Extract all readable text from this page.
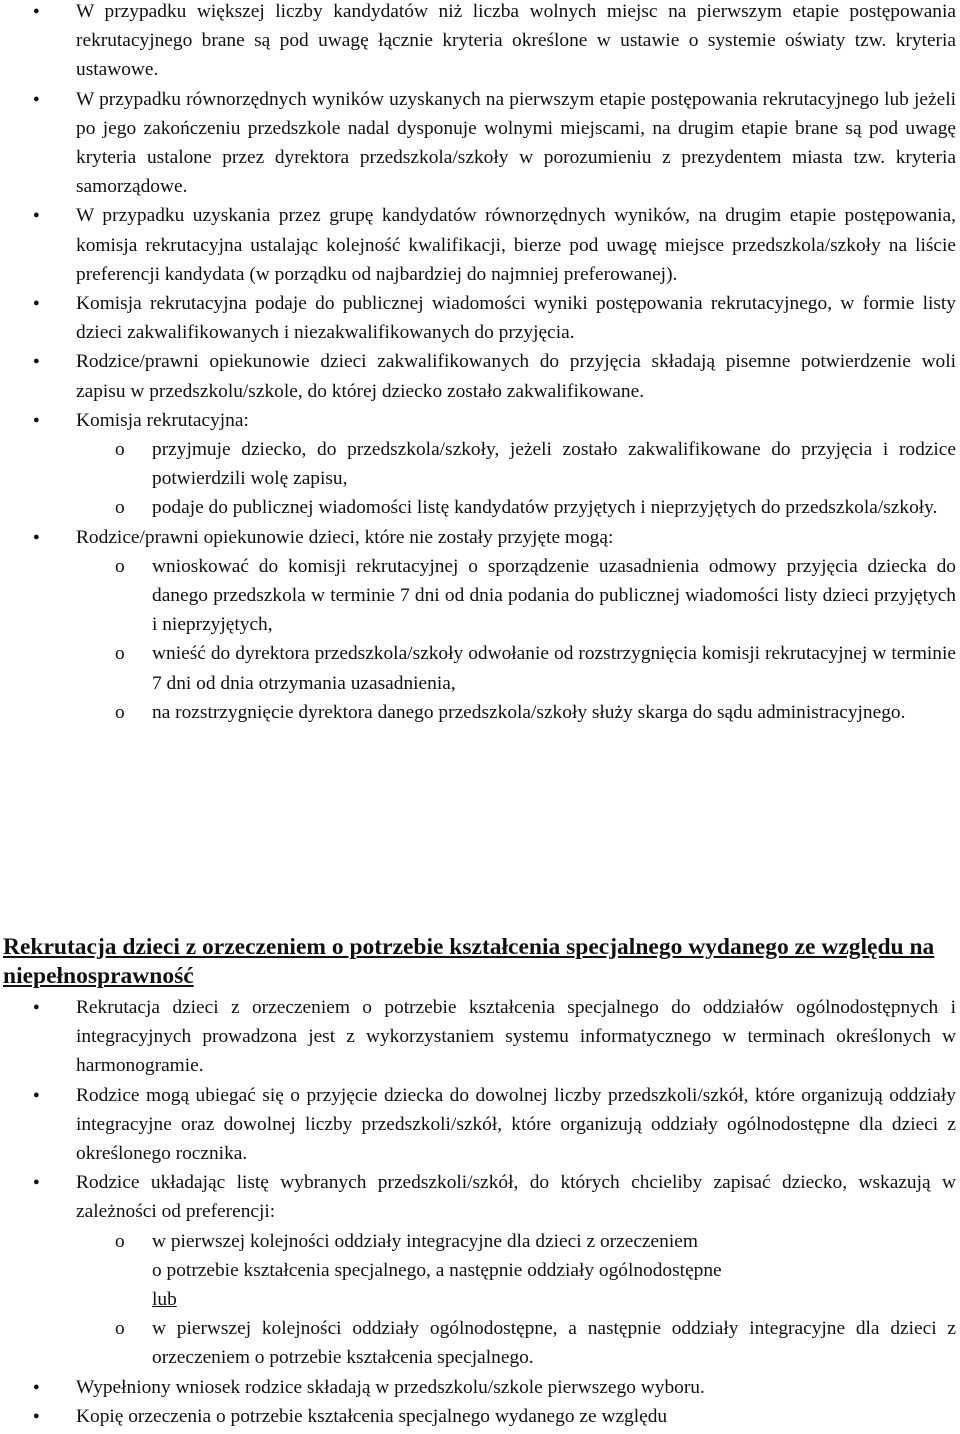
● W przypadku większej liczby kandydatów niż liczba wolnych miejsc na pierwszym etapie postępowania rekrutacyjnego brane są pod uwagę łącznie kryteria określone w ustawie o systemie oświaty tzw. kryteria ustawowe.
● W przypadku równorzędnych wyników uzyskanych na pierwszym etapie postępowania rekrutacyjnego lub jeżeli po jego zakończeniu przedszkole nadal dysponuje wolnymi miejscami, na drugim etapie brane są pod uwagę kryteria ustalone przez dyrektora przedszkola/szkoły w porozumieniu z prezydentem miasta tzw. kryteria samorządowe.
● W przypadku uzyskania przez grupę kandydatów równorzędnych wyników, na drugim etapie postępowania, komisja rekrutacyjna ustalając kolejność kwalifikacji, bierze pod uwagę miejsce przedszkola/szkoły na liście preferencji kandydata (w porządku od najbardziej do najmniej preferowanej).
● Komisja rekrutacyjna podaje do publicznej wiadomości wyniki postępowania rekrutacyjnego, w formie listy dzieci zakwalifikowanych i niezakwalifikowanych do przyjęcia.
● Rodzice/prawni opiekunowie dzieci zakwalifikowanych do przyjęcia składają pisemne potwierdzenie woli zapisu w przedszkolu/szkole, do której dziecko zostało zakwalifikowane.
● Komisja rekrutacyjna:
o przyjmuje dziecko, do przedszkola/szkoły, jeżeli zostało zakwalifikowane do przyjęcia i rodzice potwierdzili wolę zapisu,
o podaje do publicznej wiadomości listę kandydatów przyjętych i nieprzyjętych do przedszkola/szkoły.
● Rodzice/prawni opiekunowie dzieci, które nie zostały przyjęte mogą:
o wnioskować do komisji rekrutacyjnej o sporządzenie uzasadnienia odmowy przyjęcia dziecka do danego przedszkola w terminie 7 dni od dnia podania do publicznej wiadomości listy dzieci przyjętych i nieprzyjętych,
o wnieść do dyrektora przedszkola/szkoły odwołanie od rozstrzygnięcia komisji rekrutacyjnej w terminie 7 dni od dnia otrzymania uzasadnienia,
o na rozstrzygnięcie dyrektora danego przedszkola/szkoły służy skarga do sądu administracyjnego.
Rekrutacja dzieci z orzeczeniem o potrzebie kształcenia specjalnego wydanego ze względu na niepełnosprawność
● Rekrutacja dzieci z orzeczeniem o potrzebie kształcenia specjalnego do oddziałów ogólnodostępnych i integracyjnych prowadzona jest z wykorzystaniem systemu informatycznego w terminach określonych w harmonogramie.
● Rodzice mogą ubiegać się o przyjęcie dziecka do dowolnej liczby przedszkoli/szkół, które organizują oddziały integracyjne oraz dowolnej liczby przedszkoli/szkół, które organizują oddziały ogólnodostępne dla dzieci z określonego rocznika.
● Rodzice układając listę wybranych przedszkoli/szkół, do których chcieliby zapisać dziecko, wskazują w zależności od preferencji:
o w pierwszej kolejności oddziały integracyjne dla dzieci z orzeczeniem
o potrzebie kształcenia specjalnego, a następnie oddziały ogólnodostępne
lub
o w pierwszej kolejności oddziały ogólnodostępne, a następnie oddziały integracyjne dla dzieci z orzeczeniem o potrzebie kształcenia specjalnego.
● Wypełniony wniosek rodzice składają w przedszkolu/szkole pierwszego wyboru.
● Kopię orzeczenia o potrzebie kształcenia specjalnego wydanego ze względu
